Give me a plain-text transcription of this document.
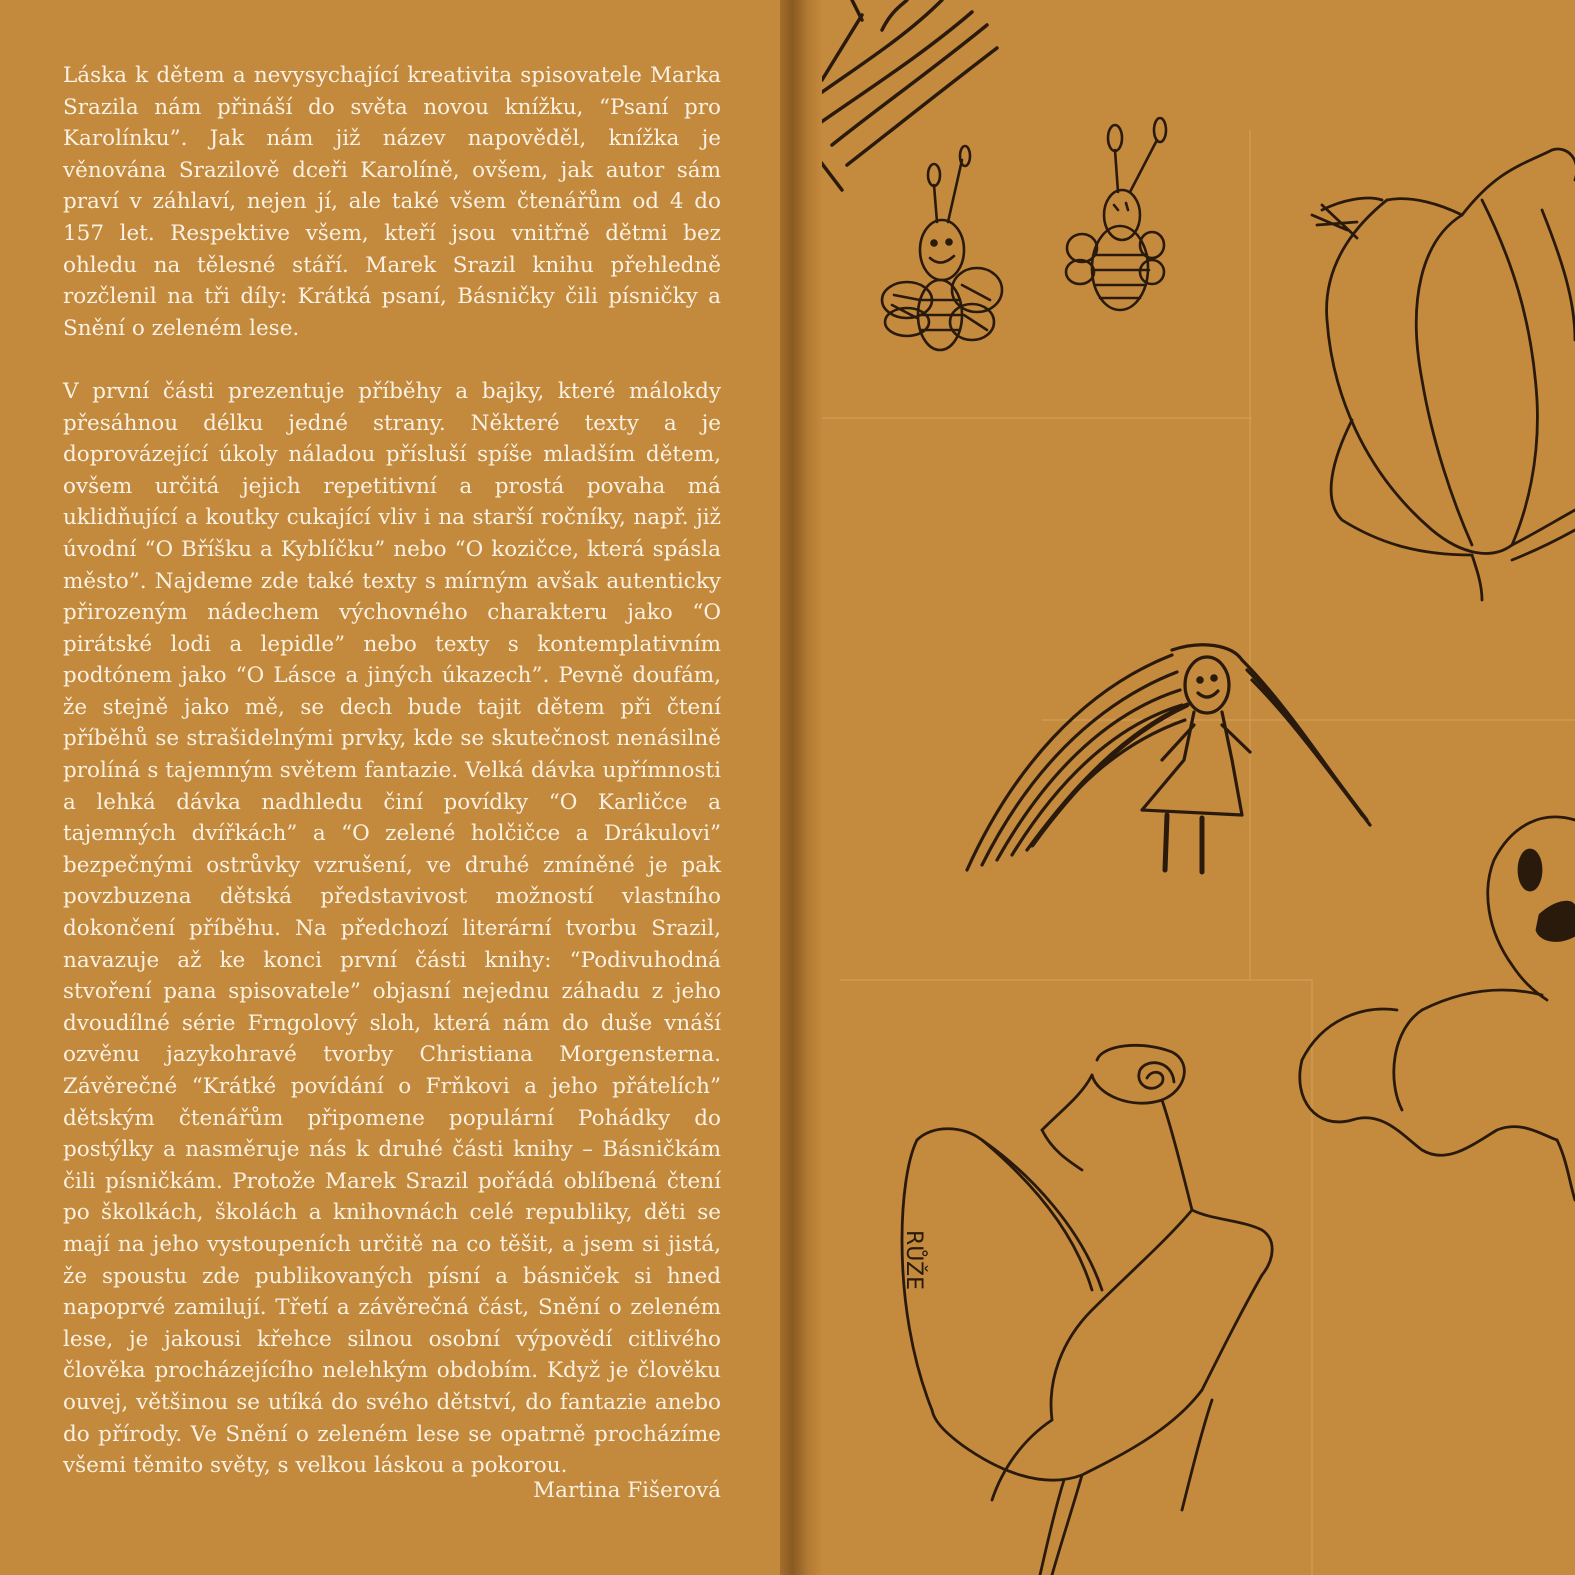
Láska k dětem a nevysychající kreativita spisovatele Marka Srazila nám přináší do světa novou knížku, “Psaní pro Karolínku”. Jak nám již název napověděl, knížka je věnována Srazilově dceři Karolíně, ovšem, jak autor sám praví v záhlaví, nejen jí, ale také všem čtenářům od 4 do 157 let. Respektive všem, kteří jsou vnitřně dětmi bez ohledu na tělesné stáří. Marek Srazil knihu přehledně rozčlenil na tři díly: Krátká psaní, Básničky čili písničky a Snění o zeleném lese.

V první části prezentuje příběhy a bajky, které málokdy přesáhnou délku jedné strany. Některé texty a je doprovázející úkoly náladou přísluší spíše mladším dětem, ovšem určitá jejich repetitivní a prostá povaha má uklidňující a koutky cukající vliv i na starší ročníky, např. již úvodní “O Bříšku a Kyblíčku” nebo “O kozičce, která spásla město”. Najdeme zde také texty s mírným avšak autenticky přirozeným nádechem výchovného charakteru jako “O pirátské lodi a lepidle” nebo texty s kontemplativním podtónem jako “O Lásce a jiných úkazech”. Pevně doufám, že stejně jako mě, se dech bude tajit dětem při čtení příběhů se strašidelnými prvky, kde se skutečnost nenásilně prolíná s tajemným světem fantazie. Velká dávka upřímnosti a lehká dávka nadhledu činí povídky “O Karličce a tajemných dvířkách” a “O zelené holčičce a Drákulovi” bezpečnými ostrůvky vzrušení, ve druhé zmíněné je pak povzbuzena dětská představivost možností vlastního dokončení příběhu. Na předchozí literární tvorbu Srazil, navazuje až ke konci první části knihy: “Podivuhodná stvoření pana spisovatele” objasní nejednu záhadu z jeho dvoudílné série Frngolový sloh, která nám do duše vnáší ozvěnu jazykohravé tvorby Christiana Morgensterna. Závěrečné “Krátké povídání o Frňkovi a jeho přátelích” dětským čtenářům připomene populární Pohádky do postýlky a nasměruje nás k druhé části knihy – Básničkám čili písničkám. Protože Marek Srazil pořádá oblíbená čtení po školkách, školách a knihovnách celé republiky, děti se mají na jeho vystoupeních určitě na co těšit, a jsem si jistá, že spoustu zde publikovaných písní a básniček si hned napoprvé zamilují. Třetí a závěrečná část, Snění o zeleném lese, je jakousi křehce silnou osobní výpovědí citlivého člověka procházejícího nelehkým obdobím. Když je člověku ouvej, většinou se utíká do svého dětství, do fantazie anebo do přírody. Ve Snění o zeleném lese se opatrně procházíme všemi těmito světy, s velkou láskou a pokorou.

Martina Fišerová
RŮŽE
